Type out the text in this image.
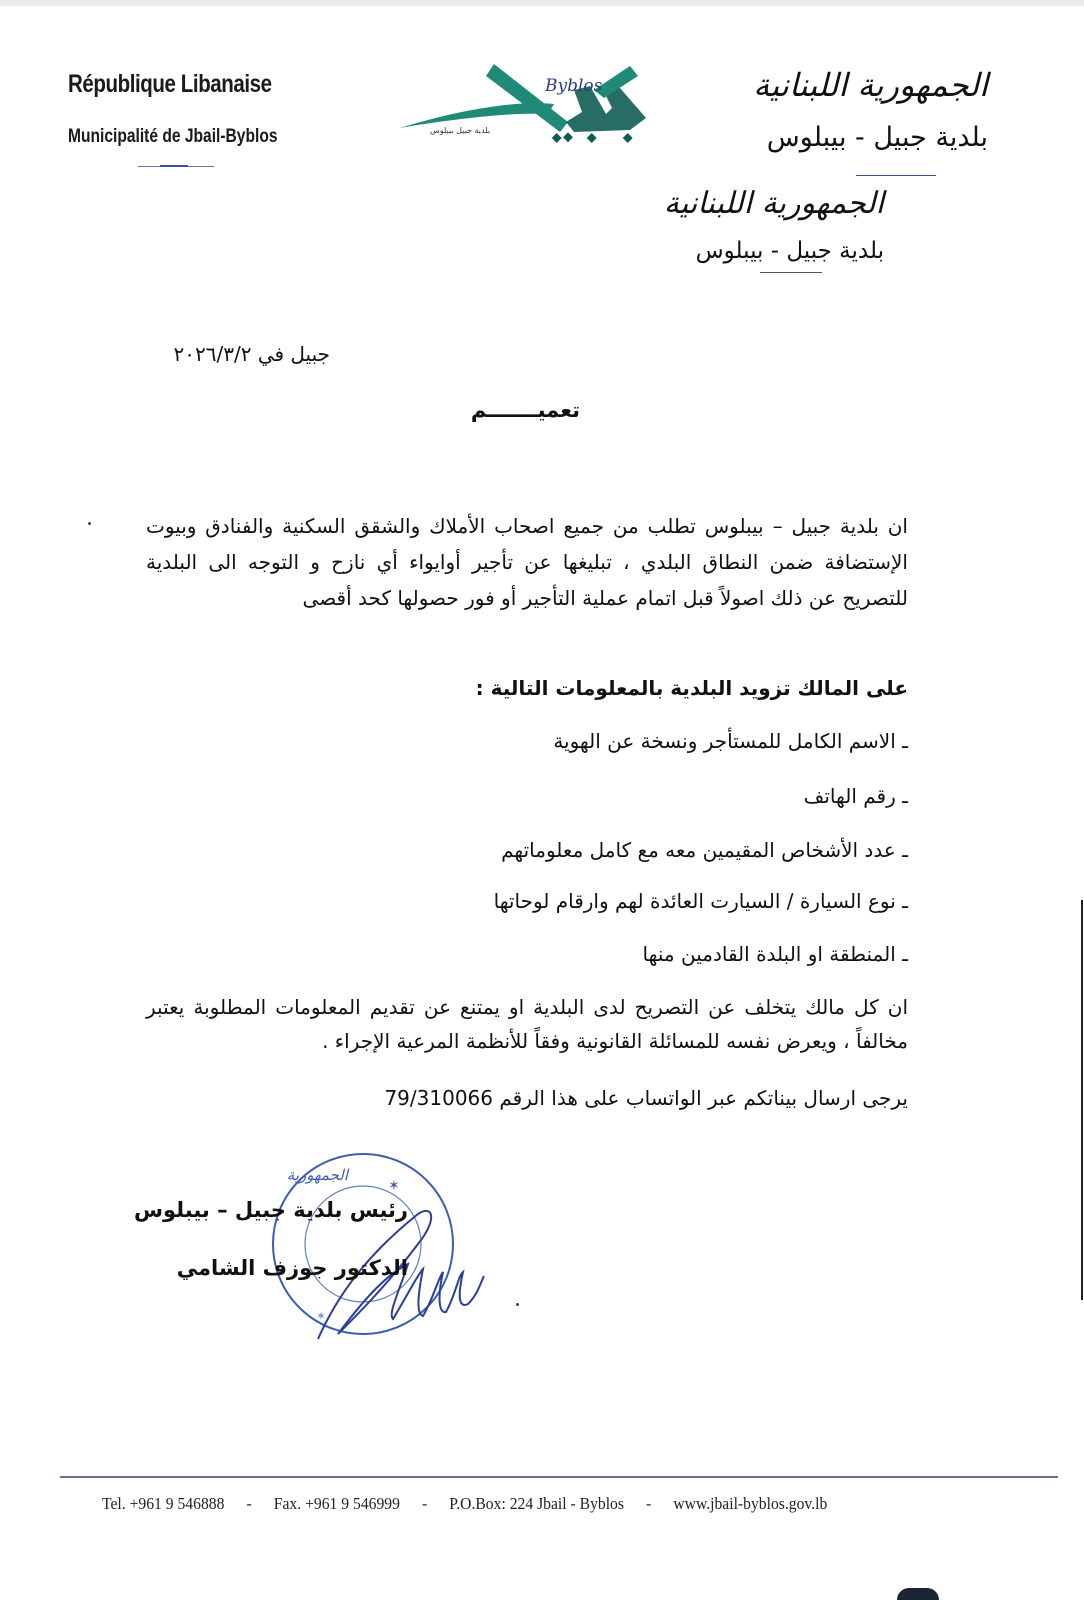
République Libanaise
Municipalité de Jbail-Byblos
Byblos
بلدية جبيل بيبلوس
الجمهورية اللبنانية
بلدية جبيل - بيبلوس
الجمهورية اللبنانية
بلدية جبيل - بيبلوس
جبيل في ٢٠٢٦/٣/٢
تعميـــــــم
ان بلدية جبيل – بيبلوس تطلب من جميع اصحاب الأملاك والشقق السكنية والفنادق وبيوت الإستضافة ضمن النطاق البلدي ، تبليغها عن تأجير أوايواء أي نازح و التوجه الى البلدية للتصريح عن ذلك اصولاً قبل اتمام عملية التأجير أو فور حصولها كحد أقصى
على المالك تزويد البلدية بالمعلومات التالية :
ـ الاسم الكامل للمستأجر ونسخة عن الهوية
ـ رقم الهاتف
ـ عدد الأشخاص المقيمين معه مع كامل معلوماتهم
ـ نوع السيارة / السيارت العائدة لهم وارقام لوحاتها
ـ المنطقة او البلدة القادمين منها
ان كل مالك يتخلف عن التصريح لدى البلدية او يمتنع عن تقديم المعلومات المطلوبة يعتبر مخالفاً ، ويعرض نفسه للمسائلة القانونية وفقاً للأنظمة المرعية الإجراء .
يرجى ارسال بيناتكم عبر الواتساب على هذا الرقم 79/310066
✶
✶
الجمهورية
رئيس بلدية جبيل – بيبلوس
الدكتور جوزف الشامي
Tel. +961 9 546888 - Fax. +961 9 546999 - P.O.Box: 224 Jbail - Byblos - www.jbail-byblos.gov.lb
